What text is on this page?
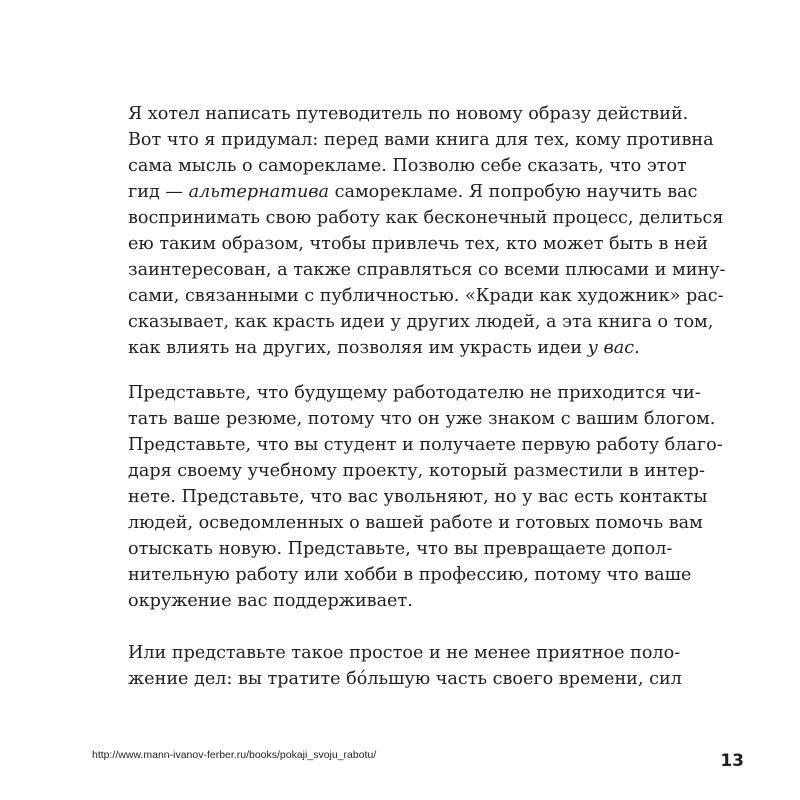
Я хотел написать путеводитель по новому образу действий.
Вот что я придумал: перед вами книга для тех, кому противна
сама мысль о саморекламе. Позволю себе сказать, что этот
гид — альтернатива саморекламе. Я попробую научить вас
воспринимать свою работу как бесконечный процесс, делиться
ею таким образом, чтобы привлечь тех, кто может быть в ней
заинтересован, а также справляться со всеми плюсами и мину-
сами, связанными с публичностью. «Кради как художник» рас-
сказывает, как красть идеи у других людей, а эта книга о том,
как влиять на других, позволяя им украсть идеи у вас.
Представьте, что будущему работодателю не приходится чи-
тать ваше резюме, потому что он уже знаком с вашим блогом.
Представьте, что вы студент и получаете первую работу благо-
даря своему учебному проекту, который разместили в интер-
нете. Представьте, что вас увольняют, но у вас есть контакты
людей, осведомленных о вашей работе и готовых помочь вам
отыскать новую. Представьте, что вы превращаете допол-
нительную работу или хобби в профессию, потому что ваше
окружение вас поддерживает.
Или представьте такое простое и не менее приятное поло-
жение дел: вы тратите бóльшую часть своего времени, сил
http://www.mann-ivanov-ferber.ru/books/pokaji_svoju_rabotu/	13
